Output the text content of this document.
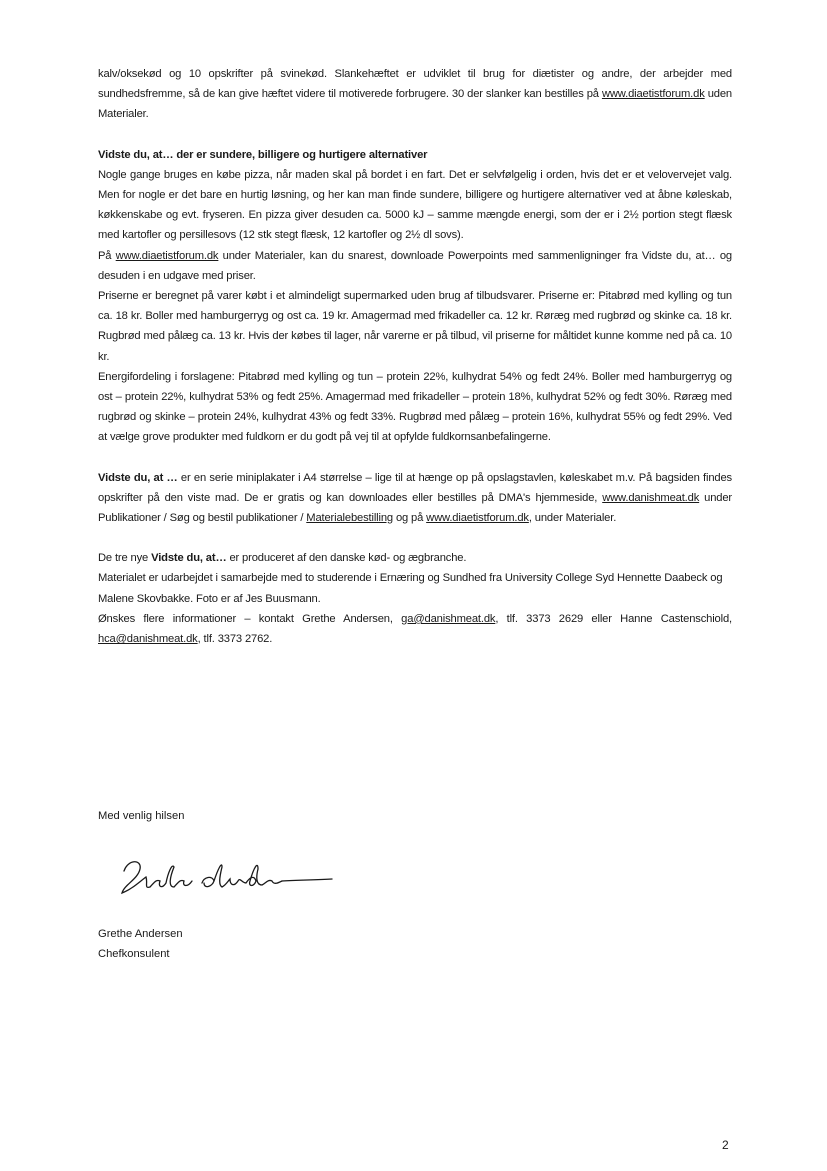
kalv/oksekød og 10 opskrifter på svinekød. Slankehæftet er udviklet til brug for diætister og andre, der arbejder med sundhedsfremme, så de kan give hæftet videre til motiverede forbrugere. 30 der slanker kan bestilles på www.diaetistforum.dk uden Materialer.

Vidste du, at… der er sundere, billigere og hurtigere alternativer

Nogle gange bruges en købe pizza, når maden skal på bordet i en fart. Det er selvfølgelig i orden, hvis det er et velovervejet valg. Men for nogle er det bare en hurtig løsning, og her kan man finde sundere, billigere og hurtigere alternativer ved at åbne køleskab, køkkenskabe og evt. fryseren. En pizza giver desuden ca. 5000 kJ – samme mængde energi, som der er i 2½ portion stegt flæsk med kartofler og persillesovs (12 stk stegt flæsk, 12 kartofler og 2½ dl sovs).

På www.diaetistforum.dk under Materialer, kan du snarest, downloade Powerpoints med sammenligninger fra Vidste du, at… og desuden i en udgave med priser.

Priserne er beregnet på varer købt i et almindeligt supermarked uden brug af tilbudsvarer. Priserne er: Pitabrød med kylling og tun ca. 18 kr. Boller med hamburgerryg og ost ca. 19 kr. Amagermad med frikadeller ca. 12 kr. Røræg med rugbrød og skinke ca. 18 kr. Rugbrød med pålæg ca. 13 kr. Hvis der købes til lager, når varerne er på tilbud, vil priserne for måltidet kunne komme ned på ca. 10 kr.

Energifordeling i forslagene: Pitabrød med kylling og tun – protein 22%, kulhydrat 54% og fedt 24%. Boller med hamburgerryg og ost – protein 22%, kulhydrat 53% og fedt 25%. Amagermad med frikadeller – protein 18%, kulhydrat 52% og fedt 30%. Røræg med rugbrød og skinke – protein 24%, kulhydrat 43% og fedt 33%. Rugbrød med pålæg – protein 16%, kulhydrat 55% og fedt 29%. Ved at vælge grove produkter med fuldkorn er du godt på vej til at opfylde fuldkornsanbefalingerne.

Vidste du, at … er en serie miniplakater i A4 størrelse – lige til at hænge op på opslagstavlen, køleskabet m.v. På bagsiden findes opskrifter på den viste mad. De er gratis og kan downloades eller bestilles på DMA's hjemmeside, www.danishmeat.dk under Publikationer / Søg og bestil publikationer / Materialebestilling og på www.diaetistforum.dk, under Materialer.

De tre nye Vidste du, at… er produceret af den danske kød- og ægbranche.

Materialet er udarbejdet i samarbejde med to studerende i Ernæring og Sundhed fra University College Syd Hennette Daabeck og Malene Skovbakke. Foto er af Jes Buusmann.

Ønskes flere informationer – kontakt Grethe Andersen, ga@danishmeat.dk, tlf. 3373 2629 eller Hanne Castenschiold, hca@danishmeat.dk, tlf. 3373 2762.

Med venlig hilsen
Grethe Andersen
Chefkonsulent
2
